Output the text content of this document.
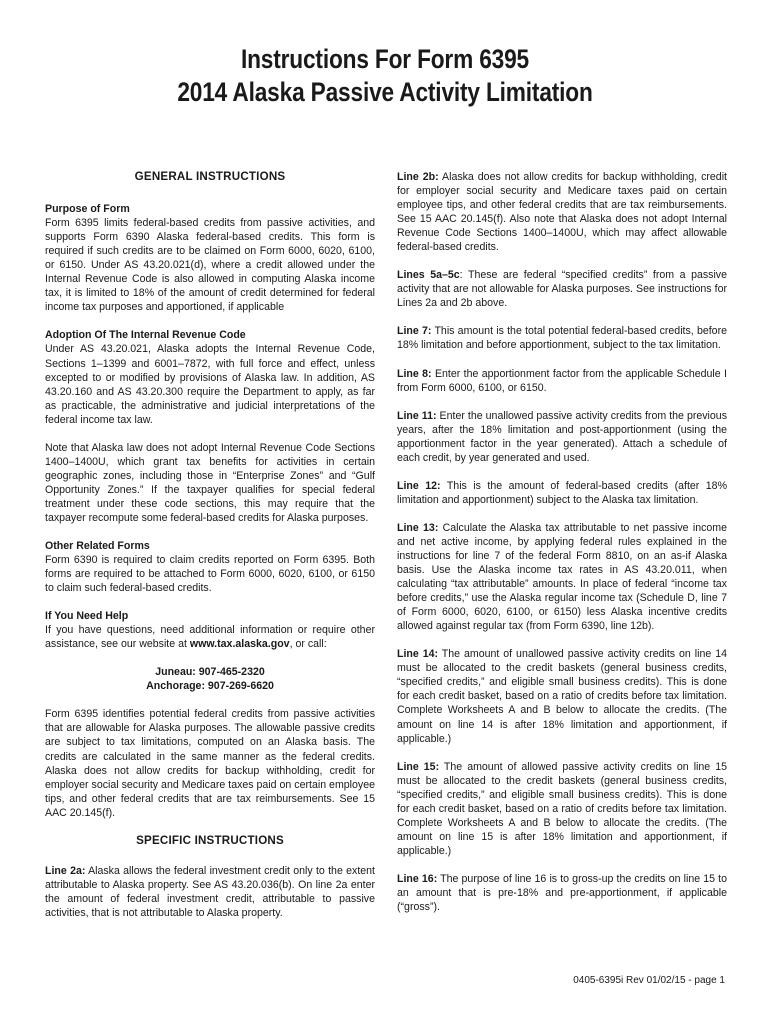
Instructions For Form 6395
2014 Alaska Passive Activity Limitation
GENERAL INSTRUCTIONS
Purpose of Form

Form 6395 limits federal-based credits from passive activities, and supports Form 6390 Alaska federal-based credits. This form is required if such credits are to be claimed on Form 6000, 6020, 6100, or 6150. Under AS 43.20.021(d), where a credit allowed under the Internal Revenue Code is also allowed in computing Alaska income tax, it is limited to 18% of the amount of credit determined for federal income tax purposes and apportioned, if applicable

Adoption Of The Internal Revenue Code

Under AS 43.20.021, Alaska adopts the Internal Revenue Code, Sections 1–1399 and 6001–7872, with full force and effect, unless excepted to or modified by provisions of Alaska law. In addition, AS 43.20.160 and AS 43.20.300 require the Department to apply, as far as practicable, the administrative and judicial interpretations of the federal income tax law.

Note that Alaska law does not adopt Internal Revenue Code Sections 1400–1400U, which grant tax benefits for activities in certain geographic zones, including those in “Enterprise Zones” and “Gulf Opportunity Zones.” If the taxpayer qualifies for special federal treatment under these code sections, this may require that the taxpayer recompute some federal-based credits for Alaska purposes.

Other Related Forms

Form 6390 is required to claim credits reported on Form 6395. Both forms are required to be attached to Form 6000, 6020, 6100, or 6150 to claim such federal-based credits.

If You Need Help

If you have questions, need additional information or require other assistance, see our website at www.tax.alaska.gov, or call:

Juneau: 907-465-2320
Anchorage: 907-269-6620

Form 6395 identifies potential federal credits from passive activities that are allowable for Alaska purposes. The allowable passive credits are subject to tax limitations, computed on an Alaska basis. The credits are calculated in the same manner as the federal credits. Alaska does not allow credits for backup withholding, credit for employer social security and Medicare taxes paid on certain employee tips, and other federal credits that are tax reimbursements. See 15 AAC 20.145(f).

SPECIFIC INSTRUCTIONS

Line 2a: Alaska allows the federal investment credit only to the extent attributable to Alaska property. See AS 43.20.036(b). On line 2a enter the amount of federal investment credit, attributable to passive activities, that is not attributable to Alaska property.

Line 2b: Alaska does not allow credits for backup withholding, credit for employer social security and Medicare taxes paid on certain employee tips, and other federal credits that are tax reimbursements. See 15 AAC 20.145(f). Also note that Alaska does not adopt Internal Revenue Code Sections 1400–1400U, which may affect allowable federal-based credits.

Lines 5a–5c: These are federal “specified credits” from a passive activity that are not allowable for Alaska purposes. See instructions for Lines 2a and 2b above.

Line 7: This amount is the total potential federal-based credits, before 18% limitation and before apportionment, subject to the tax limitation.

Line 8: Enter the apportionment factor from the applicable Schedule I from Form 6000, 6100, or 6150.

Line 11: Enter the unallowed passive activity credits from the previous years, after the 18% limitation and post-apportionment (using the apportionment factor in the year generated). Attach a schedule of each credit, by year generated and used.

Line 12: This is the amount of federal-based credits (after 18% limitation and apportionment) subject to the Alaska tax limitation.

Line 13: Calculate the Alaska tax attributable to net passive income and net active income, by applying federal rules explained in the instructions for line 7 of the federal Form 8810, on an as-if Alaska basis. Use the Alaska income tax rates in AS 43.20.011, when calculating “tax attributable” amounts. In place of federal “income tax before credits,” use the Alaska regular income tax (Schedule D, line 7 of Form 6000, 6020, 6100, or 6150) less Alaska incentive credits allowed against regular tax (from Form 6390, line 12b).

Line 14: The amount of unallowed passive activity credits on line 14 must be allocated to the credit baskets (general business credits, “specified credits,” and eligible small business credits). This is done for each credit basket, based on a ratio of credits before tax limitation. Complete Worksheets A and B below to allocate the credits. (The amount on line 14 is after 18% limitation and apportionment, if applicable.)

Line 15: The amount of allowed passive activity credits on line 15 must be allocated to the credit baskets (general business credits, “specified credits,” and eligible small business credits). This is done for each credit basket, based on a ratio of credits before tax limitation. Complete Worksheets A and B below to allocate the credits. (The amount on line 15 is after 18% limitation and apportionment, if applicable.)

Line 16: The purpose of line 16 is to gross-up the credits on line 15 to an amount that is pre-18% and pre-apportionment, if applicable (“gross”).

0405-6395i Rev 01/02/15 - page 1
